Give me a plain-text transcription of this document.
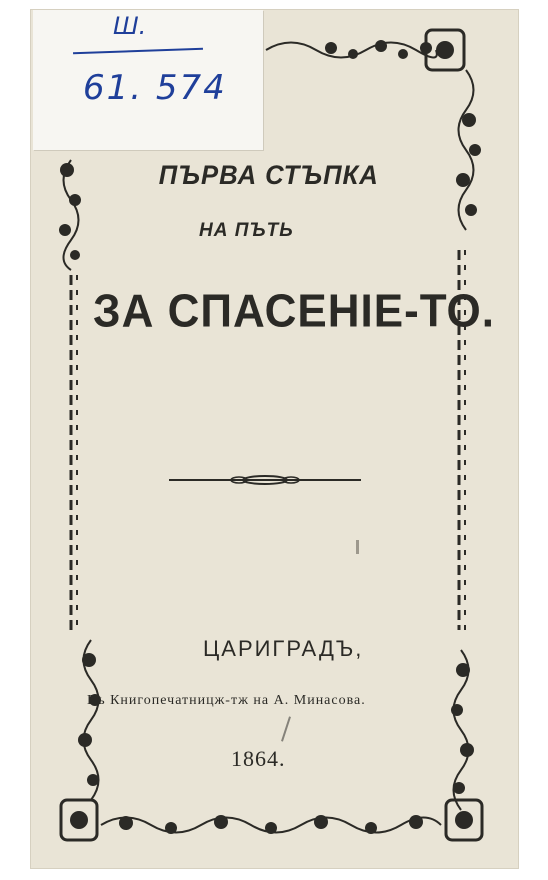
Ш.
61. 574
ПЪРВА СТЪПКА
НА ПЪТЬ
ЗА СПАСЕНІЕ-ТО.
ЦАРИГРАДЪ,
Въ Книгопечатницж-тж на А. Минасова.
1864.
